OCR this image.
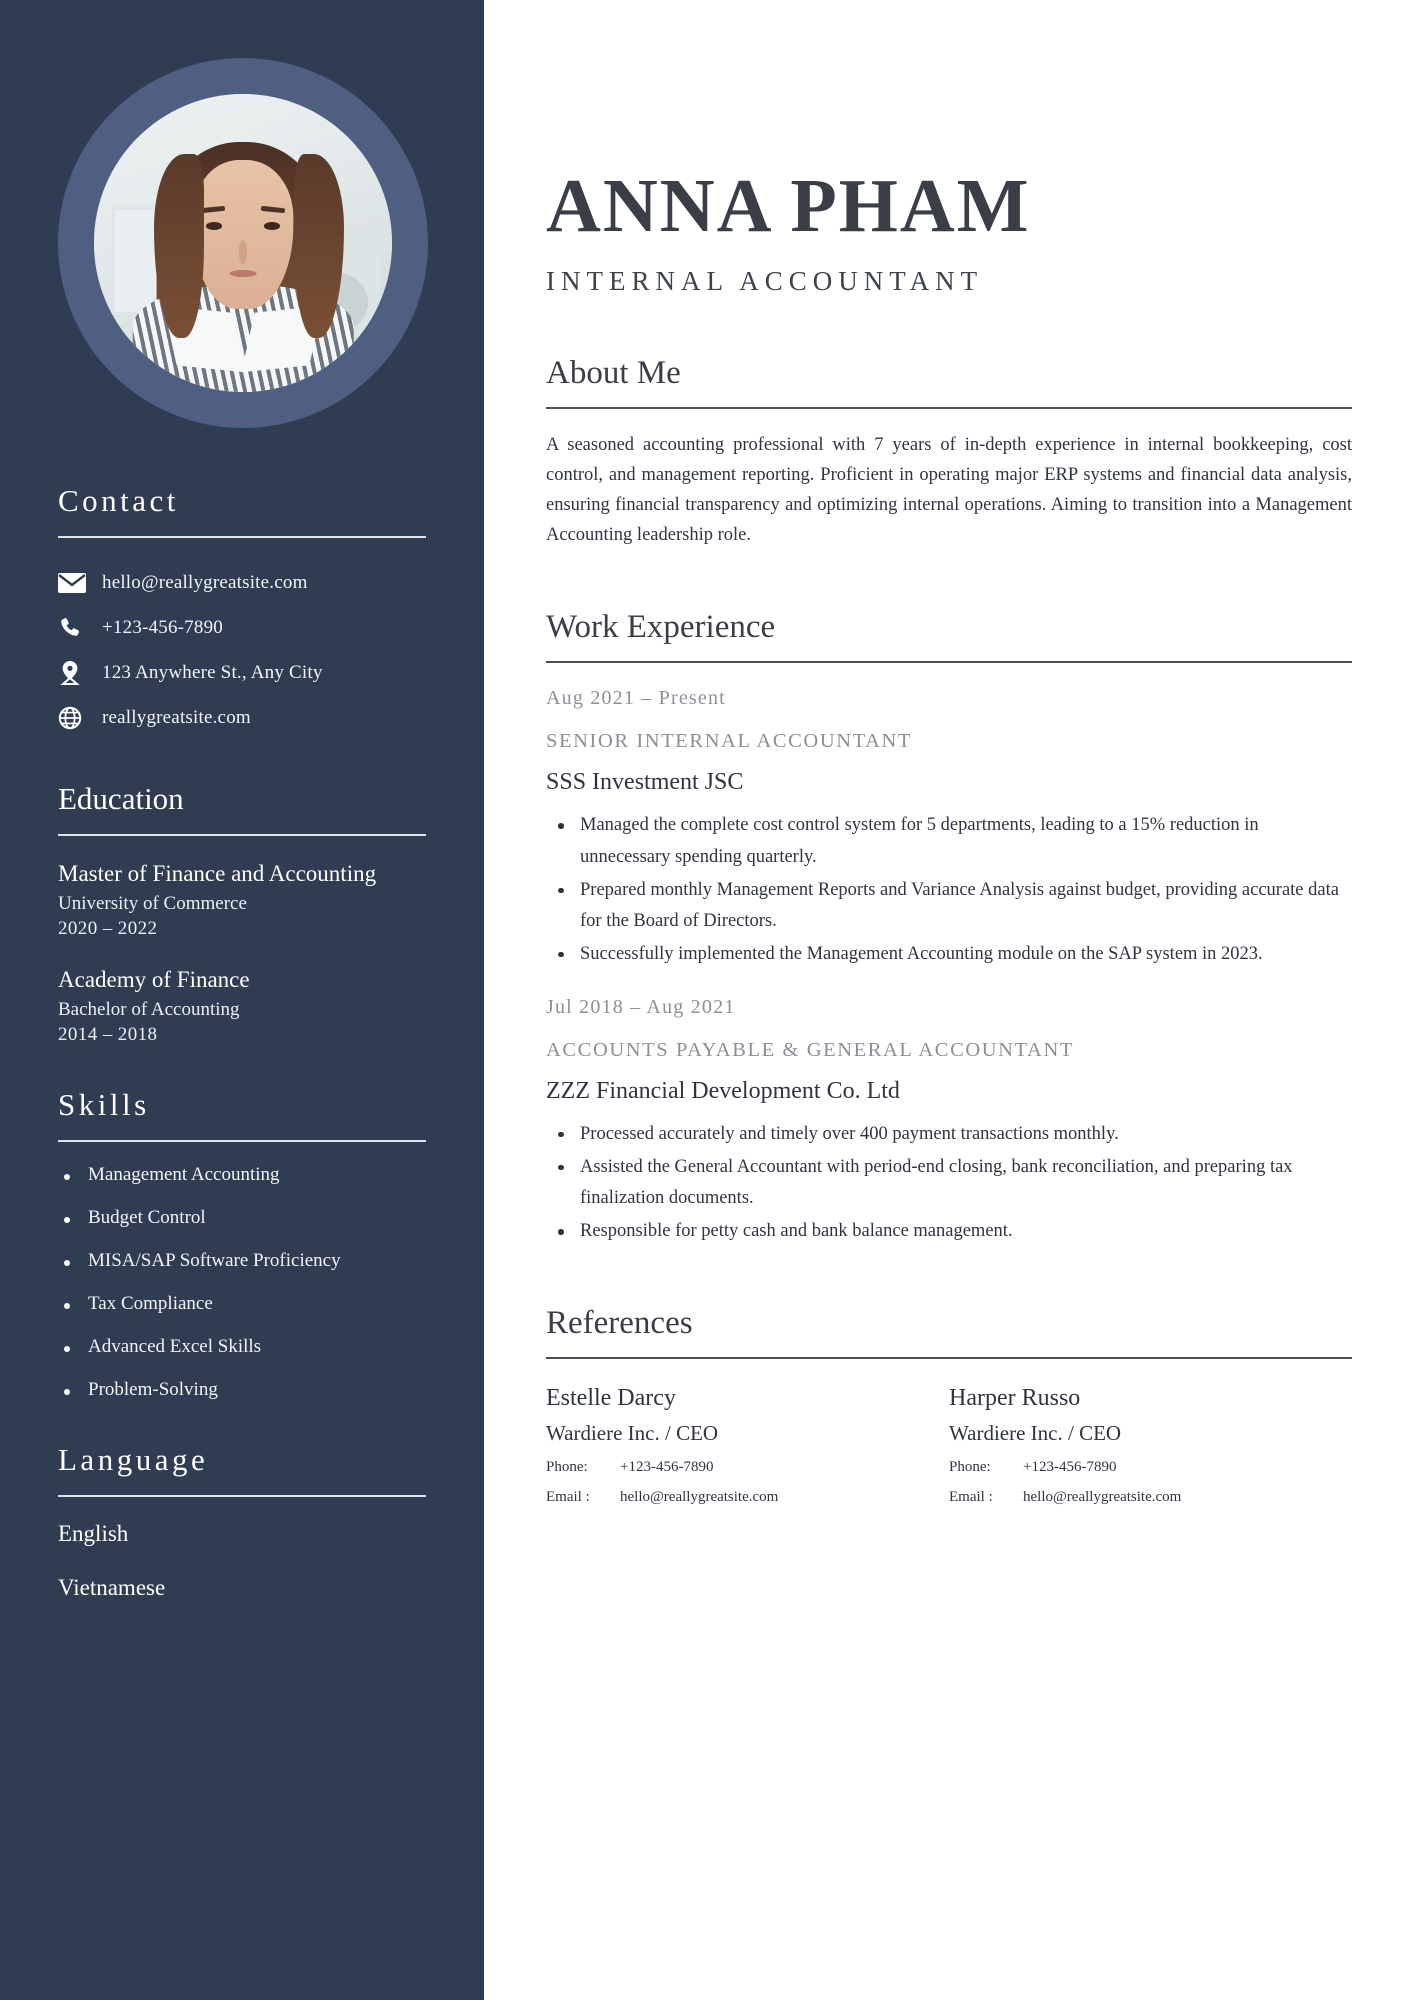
Contact
hello@reallygreatsite.com
+123-456-7890
123 Anywhere St., Any City
reallygreatsite.com
Education
Master of Finance and Accounting
University of Commerce
2020 – 2022
Academy of Finance
Bachelor of Accounting
2014 – 2018
Skills
Management Accounting
Budget Control
MISA/SAP Software Proficiency
Tax Compliance
Advanced Excel Skills
Problem-Solving
Language
English
Vietnamese
ANNA PHAM
INTERNAL ACCOUNTANT
About Me

A seasoned accounting professional with 7 years of in-depth experience in internal bookkeeping, cost control, and management reporting. Proficient in operating major ERP systems and financial data analysis, ensuring financial transparency and optimizing internal operations. Aiming to transition into a Management Accounting leadership role.

Work Experience
Aug 2021 – Present
SENIOR INTERNAL ACCOUNTANT
SSS Investment JSC
Managed the complete cost control system for 5 departments, leading to a 15% reduction in unnecessary spending quarterly.
Prepared monthly Management Reports and Variance Analysis against budget, providing accurate data for the Board of Directors.
Successfully implemented the Management Accounting module on the SAP system in 2023.
Jul 2018 – Aug 2021
ACCOUNTS PAYABLE & GENERAL ACCOUNTANT
ZZZ Financial Development Co. Ltd
Processed accurately and timely over 400 payment transactions monthly.
Assisted the General Accountant with period-end closing, bank reconciliation, and preparing tax finalization documents.
Responsible for petty cash and bank balance management.
References
Estelle Darcy
Wardiere Inc. / CEO
Phone:	+123-456-7890
Email :	hello@reallygreatsite.com
Harper Russo
Wardiere Inc. / CEO
Phone:	+123-456-7890
Email :	hello@reallygreatsite.com
